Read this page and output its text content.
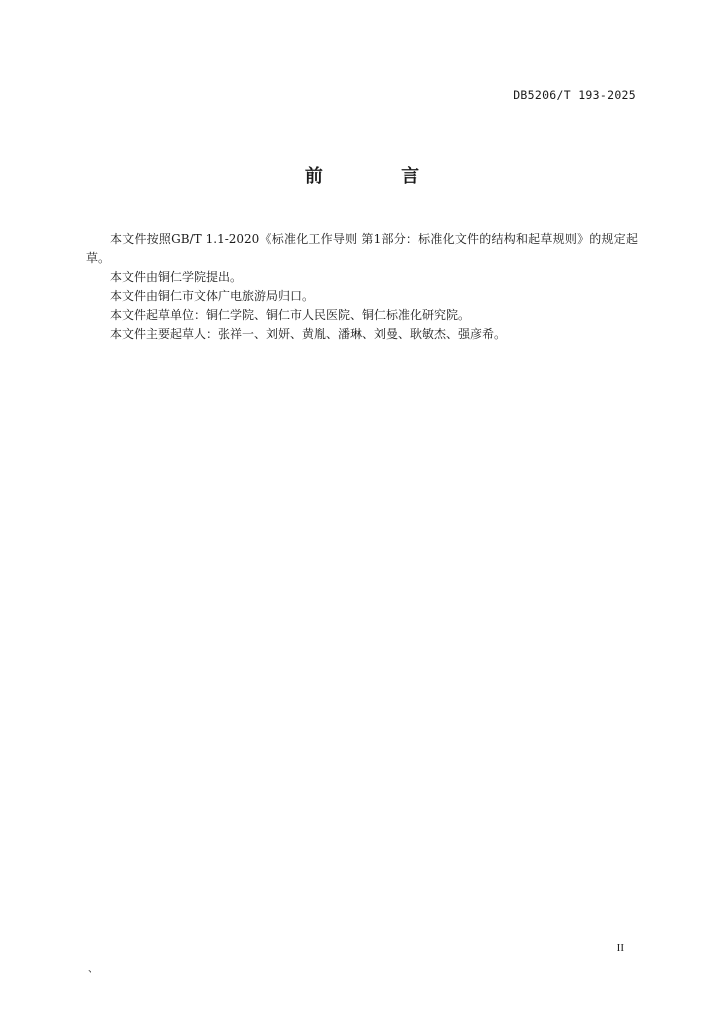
DB5206/T 193-2025
前 言

本文件按照GB/T 1.1-2020《标准化工作导则 第1部分：标准化文件的结构和起草规则》的规定起草。

本文件由铜仁学院提出。

本文件由铜仁市文体广电旅游局归口。

本文件起草单位：铜仁学院、铜仁市人民医院、铜仁标准化研究院。

本文件主要起草人：张祥一、刘妍、黄胤、潘琳、刘曼、耿敏杰、强彦希。

II
、
